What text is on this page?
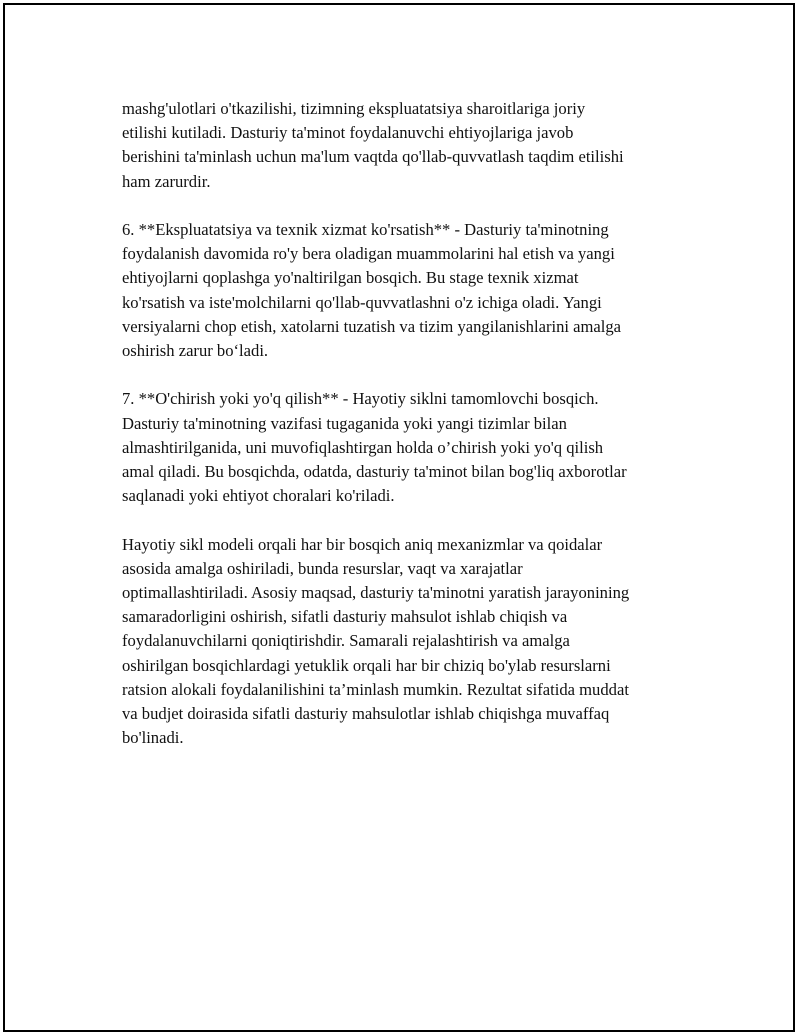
mashg'ulotlari o'tkazilishi, tizimning ekspluatatsiya sharoitlariga joriy
etilishi kutiladi. Dasturiy ta'minot foydalanuvchi ehtiyojlariga javob
berishini ta'minlash uchun ma'lum vaqtda qo'llab-quvvatlash taqdim etilishi
ham zarurdir.

6. **Ekspluatatsiya va texnik xizmat ko'rsatish** - Dasturiy ta'minotning
foydalanish davomida ro'y bera oladigan muammolarini hal etish va yangi
ehtiyojlarni qoplashga yo'naltirilgan bosqich. Bu stage texnik xizmat
ko'rsatish va iste'molchilarni qo'llab-quvvatlashni o'z ichiga oladi. Yangi
versiyalarni chop etish, xatolarni tuzatish va tizim yangilanishlarini amalga
oshirish zarur bo‘ladi.

7. **O'chirish yoki yo'q qilish** - Hayotiy siklni tamomlovchi bosqich.
Dasturiy ta'minotning vazifasi tugaganida yoki yangi tizimlar bilan
almashtirilganida, uni muvofiqlashtirgan holda o’chirish yoki yo'q qilish
amal qiladi. Bu bosqichda, odatda, dasturiy ta'minot bilan bog'liq axborotlar
saqlanadi yoki ehtiyot choralari ko'riladi.

Hayotiy sikl modeli orqali har bir bosqich aniq mexanizmlar va qoidalar
asosida amalga oshiriladi, bunda resurslar, vaqt va xarajatlar
optimallashtiriladi. Asosiy maqsad, dasturiy ta'minotni yaratish jarayonining
samaradorligini oshirish, sifatli dasturiy mahsulot ishlab chiqish va
foydalanuvchilarni qoniqtirishdir. Samarali rejalashtirish va amalga
oshirilgan bosqichlardagi yetuklik orqali har bir chiziq bo'ylab resurslarni
ratsion alokali foydalanilishini ta’minlash mumkin. Rezultat sifatida muddat
va budjet doirasida sifatli dasturiy mahsulotlar ishlab chiqishga muvaffaq
bo'linadi.
